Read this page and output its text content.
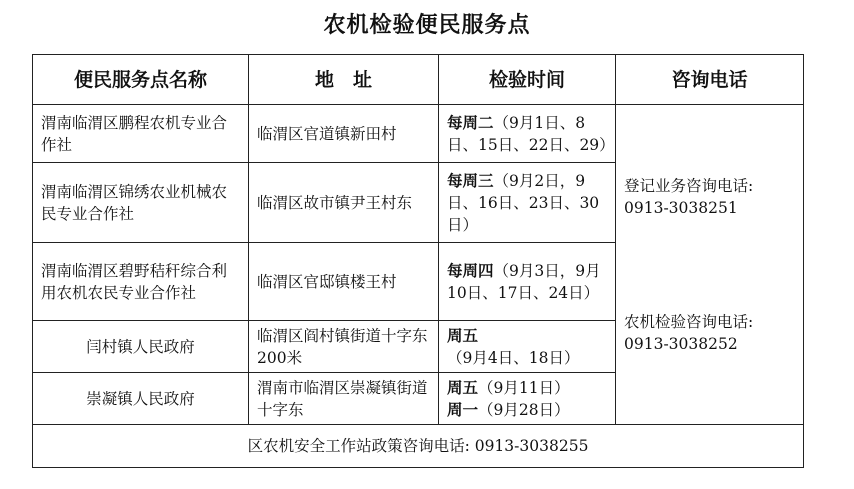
农机检验便民服务点
便民服务点名称	地　址	检验时间	咨询电话
渭南临渭区鹏程农机专业合作社	临渭区官道镇新田村	每周二（9月1日、8日、15日、22日、29）	登记业务咨询电话:
0913-3038251
农机检验咨询电话:
0913-3038252

渭南临渭区锦绣农业机械农民专业合作社	临渭区故市镇尹王村东	每周三（9月2日，9日、16日、23日、30日）	
渭南临渭区碧野秸秆综合利用农机农民专业合作社	临渭区官邸镇楼王村	每周四（9月3日，9月10日、17日、24日）	
闫村镇人民政府	临渭区阎村镇街道十字东200米	周五（9月4日、18日）	
崇凝镇人民政府	渭南市临渭区崇凝镇街道十字东	周五（9月11日）
周一（9月28日）	

区农机安全工作站政策咨询电话: 0913-3038255			
